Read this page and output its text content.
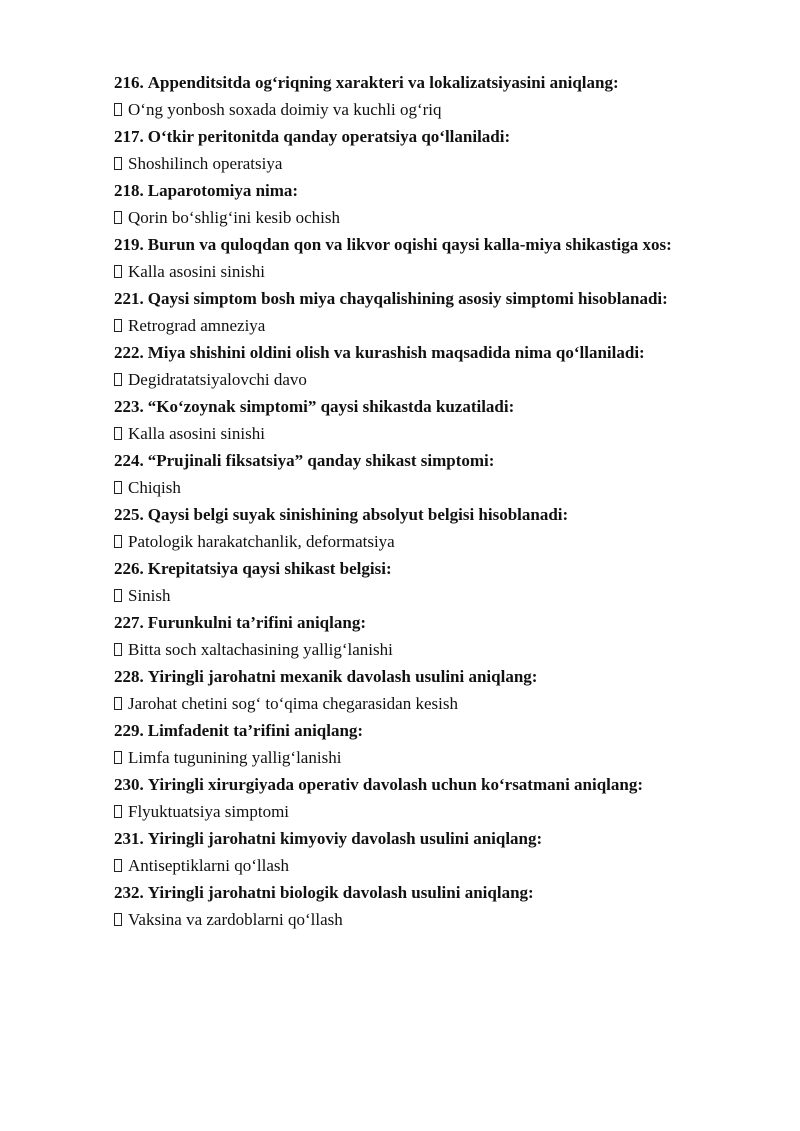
216. Appenditsitda og‘riqning xarakteri va lokalizatsiyasini aniqlang:

O‘ng yonbosh soxada doimiy va kuchli og‘riq

217. O‘tkir peritonitda qanday operatsiya qo‘llaniladi:

Shoshilinch operatsiya

218. Laparotomiya nima:

Qorin bo‘shlig‘ini kesib ochish

219. Burun va quloqdan qon va likvor oqishi qaysi kalla-miya shikastiga xos:

Kalla asosini sinishi

221. Qaysi simptom bosh miya chayqalishining asosiy simptomi hisoblanadi:

Retrograd amneziya

222. Miya shishini oldini olish va kurashish maqsadida nima qo‘llaniladi:

Degidratatsiyalovchi davo

223. “Ko‘zoynak simptomi” qaysi shikastda kuzatiladi:

Kalla asosini sinishi

224. “Prujinali fiksatsiya” qanday shikast simptomi:

Chiqish

225. Qaysi belgi suyak sinishining absolyut belgisi hisoblanadi:

Patologik harakatchanlik, deformatsiya

226. Krepitatsiya qaysi shikast belgisi:

Sinish

227. Furunkulni ta’rifini aniqlang:

Bitta soch xaltachasining yallig‘lanishi

228. Yiringli jarohatni mexanik davolash usulini aniqlang:

Jarohat chetini sog‘ to‘qima chegarasidan kesish

229. Limfadenit ta’rifini aniqlang:

Limfa tugunining yallig‘lanishi

230. Yiringli xirurgiyada operativ davolash uchun ko‘rsatmani aniqlang:

Flyuktuatsiya simptomi

231. Yiringli jarohatni kimyoviy davolash usulini aniqlang:

Antiseptiklarni qo‘llash

232. Yiringli jarohatni biologik davolash usulini aniqlang:

Vaksina va zardoblarni qo‘llash
